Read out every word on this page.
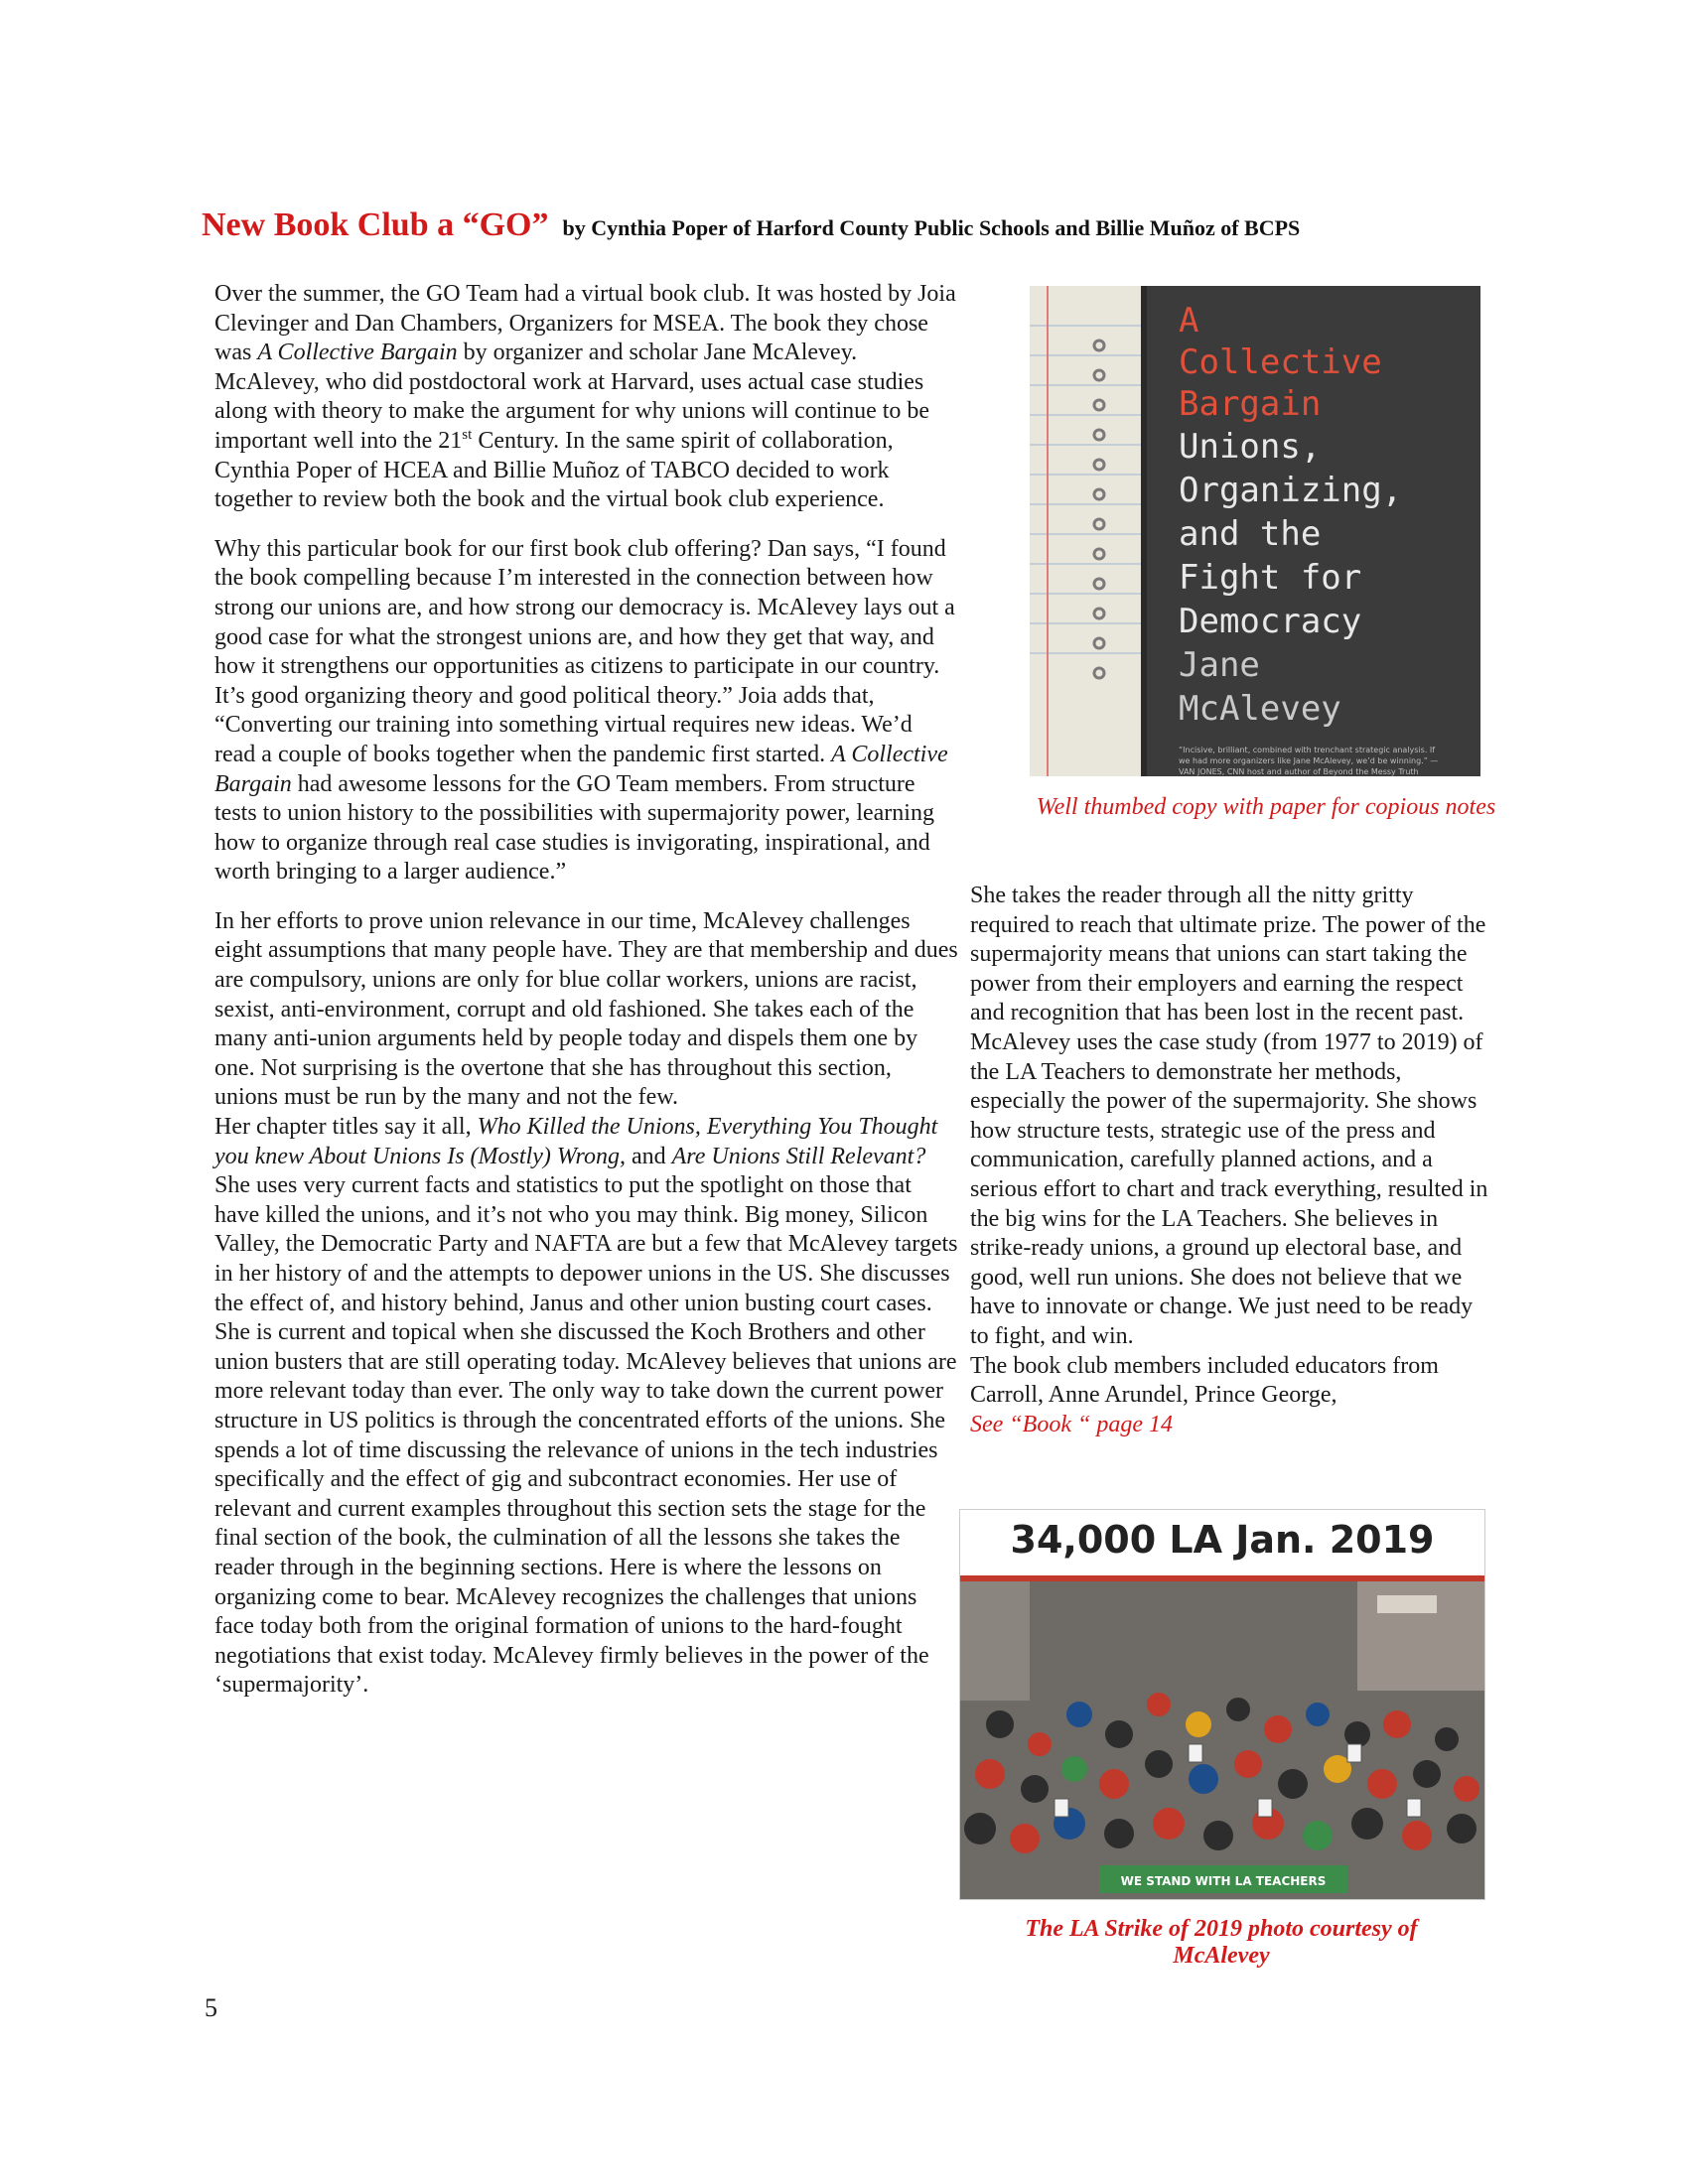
New Book Club a “GO” by Cynthia Poper of Harford County Public Schools and Billie Muñoz of BCPS

Over the summer, the GO Team had a virtual book club. It was hosted by Joia Clevinger and Dan Chambers, Organizers for MSEA. The book they chose was A Collective Bargain by organizer and scholar Jane McAlevey. McAlevey, who did postdoctoral work at Harvard, uses actual case studies along with theory to make the argument for why unions will continue to be important well into the 21st Century. In the same spirit of collaboration, Cynthia Poper of HCEA and Billie Muñoz of TABCO decided to work together to review both the book and the virtual book club experience.

Why this particular book for our first book club offering? Dan says, “I found the book compelling because I’m interested in the connection between how strong our unions are, and how strong our democracy is. McAlevey lays out a good case for what the strongest unions are, and how they get that way, and how it strengthens our opportunities as citizens to participate in our country. It’s good organizing theory and good political theory.” Joia adds that, “Converting our training into something virtual requires new ideas. We’d read a couple of books together when the pandemic first started. A Collective Bargain had awesome lessons for the GO Team members. From structure tests to union history to the possibilities with supermajority power, learning how to organize through real case studies is invigorating, inspirational, and worth bringing to a larger audience.”

In her efforts to prove union relevance in our time, McAlevey challenges eight assumptions that many people have. They are that membership and dues are compulsory, unions are only for blue collar workers, unions are racist, sexist, anti-environment, corrupt and old fashioned. She takes each of the many anti-union arguments held by people today and dispels them one by one. Not surprising is the overtone that she has throughout this section, unions must be run by the many and not the few.

Her chapter titles say it all, Who Killed the Unions, Everything You Thought you knew About Unions Is (Mostly) Wrong, and Are Unions Still Relevant? She uses very current facts and statistics to put the spotlight on those that have killed the unions, and it’s not who you may think. Big money, Silicon Valley, the Democratic Party and NAFTA are but a few that McAlevey targets in her history of and the attempts to depower unions in the US. She discusses the effect of, and history behind, Janus and other union busting court cases.

She is current and topical when she discussed the Koch Brothers and other union busters that are still operating today. McAlevey believes that unions are more relevant today than ever. The only way to take down the current power structure in US politics is through the concentrated efforts of the unions. She spends a lot of time discussing the relevance of unions in the tech industries specifically and the effect of gig and subcontract economies. Her use of relevant and current examples throughout this section sets the stage for the final section of the book, the culmination of all the lessons she takes the reader through in the beginning sections. Here is where the lessons on organizing come to bear. McAlevey recognizes the challenges that unions face today both from the original formation of unions to the hard-fought negotiations that exist today. McAlevey firmly believes in the power of the ‘supermajority’.

A Collective Bargain
Unions,
Organizing,
and the
Fight for
Democracy
Jane
McAlevey
“Incisive, brilliant, combined with trenchant strategic analysis. If we had more organizers like Jane McAlevey, we’d be winning.” —VAN JONES, CNN host and author of Beyond the Messy Truth
Well thumbed copy with paper for copious notes

She takes the reader through all the nitty gritty required to reach that ultimate prize. The power of the supermajority means that unions can start taking the power from their employers and earning the respect and recognition that has been lost in the recent past.

McAlevey uses the case study (from 1977 to 2019) of the LA Teachers to demonstrate her methods, especially the power of the supermajority. She shows how structure tests, strategic use of the press and communication, carefully planned actions, and a serious effort to chart and track everything, resulted in the big wins for the LA Teachers. She believes in strike-ready unions, a ground up electoral base, and good, well run unions. She does not believe that we have to innovate or change. We just need to be ready to fight, and win.

The book club members included educators from Carroll, Anne Arundel, Prince George,

See “Book “ page 14

34,000 LA Jan. 2019
WE STAND WITH LA TEACHERS
The LA Strike of 2019 photo courtesy of
McAlevey
5
